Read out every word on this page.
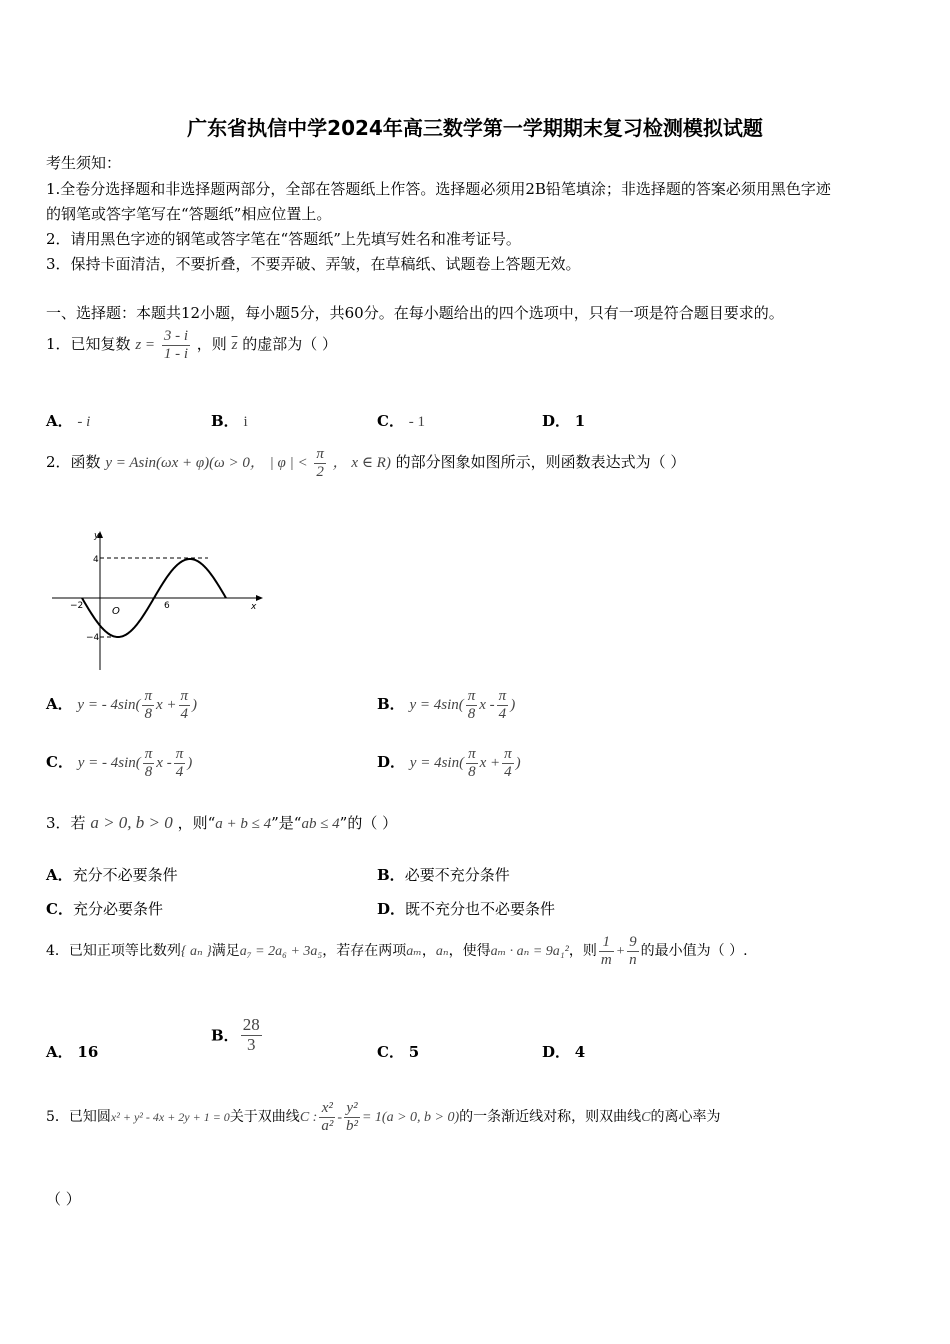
广东省执信中学2024年高三数学第一学期期末复习检测模拟试题
考生须知：
1.全卷分选择题和非选择题两部分，全部在答题纸上作答。选择题必须用2B铅笔填涂；非选择题的答案必须用黑色字迹
的钢笔或答字笔写在“答题纸”相应位置上。
2．请用黑色字迹的钢笔或答字笔在“答题纸”上先填写姓名和准考证号。
3．保持卡面清洁，不要折叠，不要弄破、弄皱，在草稿纸、试题卷上答题无效。
一、选择题：本题共12小题，每小题5分，共60分。在每小题给出的四个选项中，只有一项是符合题目要求的。
1．已知复数 $z = \frac{3 - i}{1 - i}$ ，则 $\overline{z}$ 的虚部为（ ）
A． - i	B． i	C． - 1	D． 1
2．函数 y = Asin(ωx + φ)(ω > 0， | φ | < $\frac{\pi}{2}$ ， x ∈ R) 的部分图象如图所示，则函数表达式为（ ）
y
x
O
4
−4
−2	6
A． y = - $4\sin( \frac{\pi}{8}$ $x + \frac{\pi}{4}$ )	B． $y = 4\sin( \frac{\pi}{8}$ x - $\frac{\pi}{4}$ )
C． y = - $4\sin( \frac{\pi}{8}$ x - $\frac{\pi}{4}$ )	D． $y = 4\sin( \frac{\pi}{8}$ $x + \frac{\pi}{4}$ )
3．若 a > 0, b > 0 ，则“a + b ≤ 4”是“ab ≤ 4”的（ ）
A．充分不必要条件	B．必要不充分条件
C．充分必要条件	D．既不充分也不必要条件
4．已知正项等比数列{ aₙ }满足a₇ = 2a₆ + 3a₅，若存在两项aₘ，aₙ，使得aₘ · aₙ = 9a₁²，则 $\frac{1}{m} + \frac{9}{n}$ 的最小值为（ ）.
A． 16
B． $\frac{28}{3}$	C． 5	D． 4
5．已知圆x² + y² - 4x + 2y + 1 = 0关于双曲线C : $\frac{\text{x²}}{\text{a²}} - \frac{\text{y²}}{\text{b²}} = 1(a > 0$, b > 0)的一条渐近线对称，则双曲线C的离心率为
（ ）
